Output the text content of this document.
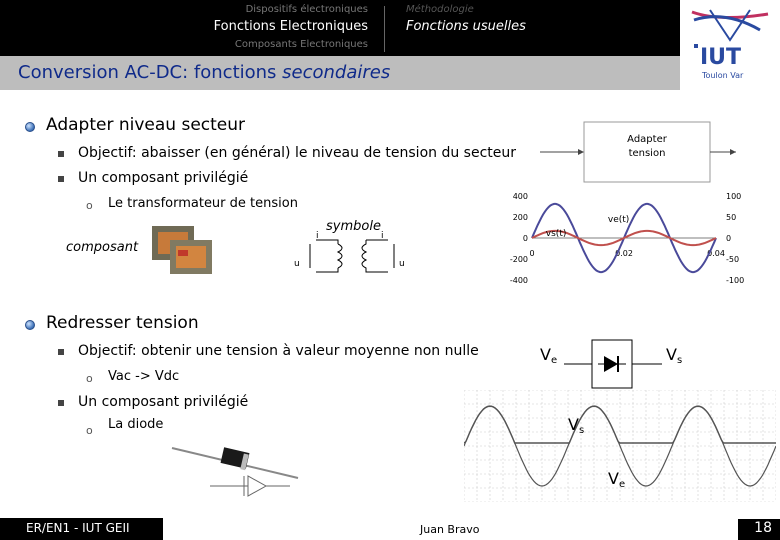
Dispositifs électroniques
Fonctions Electroniques
Composants Electroniques
Méthodologie
Fonctions usuelles
IUT
Toulon Var
Conversion AC-DC: fonctions secondaires
Adapter niveau secteur
Objectif: abaisser (en général) le niveau de tension du secteur
Un composant privilégié
o Le transformateur de tension
composant
symbole
i	i
u	u
Adapter
tension
400
200
0
-200
-400
100
50
0
-50
-100
0	0.02	0.04
ve(t)
vs(t)
Redresser tension
Objectif: obtenir une tension à valeur moyenne non nulle
o Vac -> Vdc
Un composant privilégié
o La diode
V e	V s
V s
V e
ER/EN1 - IUT GEII	Juan Bravo	18
